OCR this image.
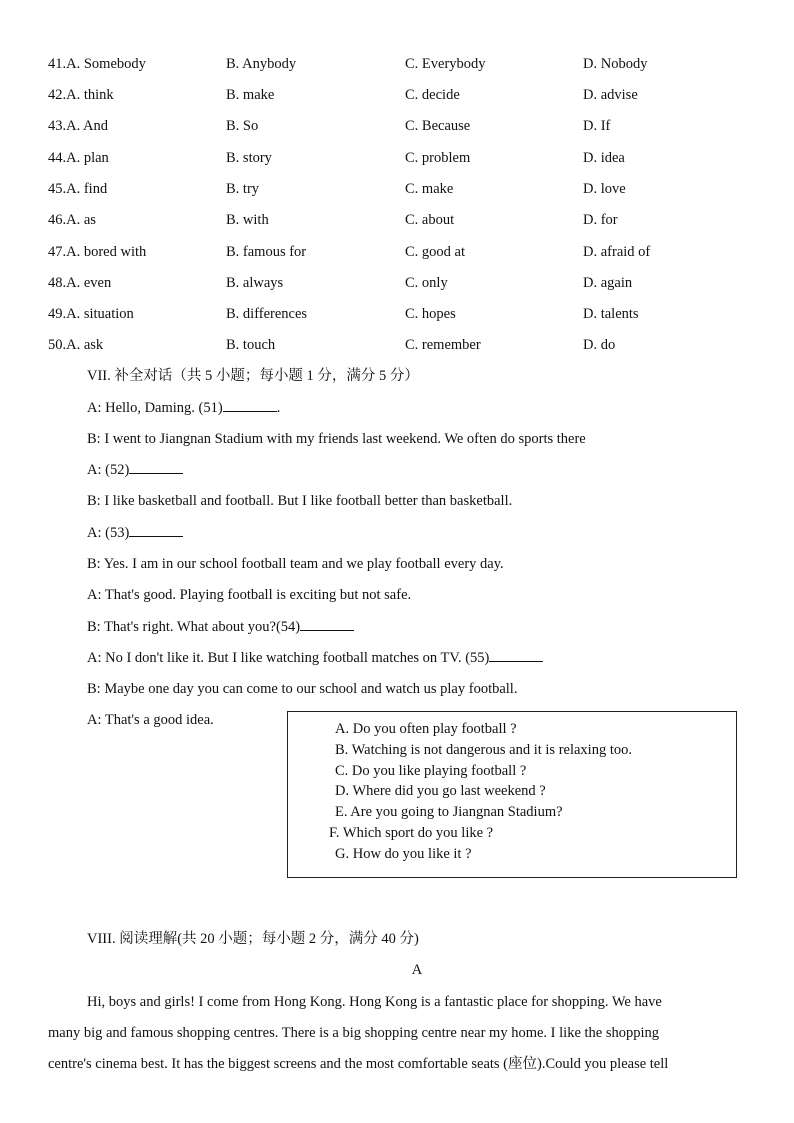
41.A. Somebody	B. Anybody	C. Everybody	D. Nobody
42.A. think	B. make	C. decide	D. advise
43.A. And	B. So	C. Because	D. If
44.A. plan	B. story	C. problem	D. idea
45.A. find	B. try	C. make	D. love
46.A. as	B. with	C. about	D. for
47.A. bored with	B. famous for	C. good at	D. afraid of
48.A. even	B. always	C. only	D. again
49.A. situation	B. differences	C. hopes	D. talents
50.A. ask	B. touch	C. remember	D. do
VII. 补全对话（共 5 小题；每小题 1 分，满分 5 分）
A: Hello, Daming. (51)	.
B: I went to Jiangnan Stadium with my friends last weekend. We often do sports there
A: (52)
B: I like basketball and football. But I like football better than basketball.
A: (53)
B: Yes. I am in our school football team and we play football every day.
A: That's good. Playing football is exciting but not safe.
B: That's right. What about you?(54)
A: No I don't like it. But I like watching football matches on TV. (55)
B: Maybe one day you can come to our school and watch us play football.
A: That's a good idea.
A. Do you often play football ?
B. Watching is not dangerous and it is relaxing too.
C. Do you like playing football ?
D. Where did you go last weekend ?
E. Are you going to Jiangnan Stadium?
F. Which sport do you like ?
G. How do you like it ?
VIII. 阅读理解(共 20 小题；每小题 2 分，满分 40 分)
A
Hi, boys and girls! I come from Hong Kong. Hong Kong is a fantastic place for shopping. We have
many big and famous shopping centres. There is a big shopping centre near my home. I like the shopping
centre's cinema best. It has the biggest screens and the most comfortable seats (座位).Could you please tell
